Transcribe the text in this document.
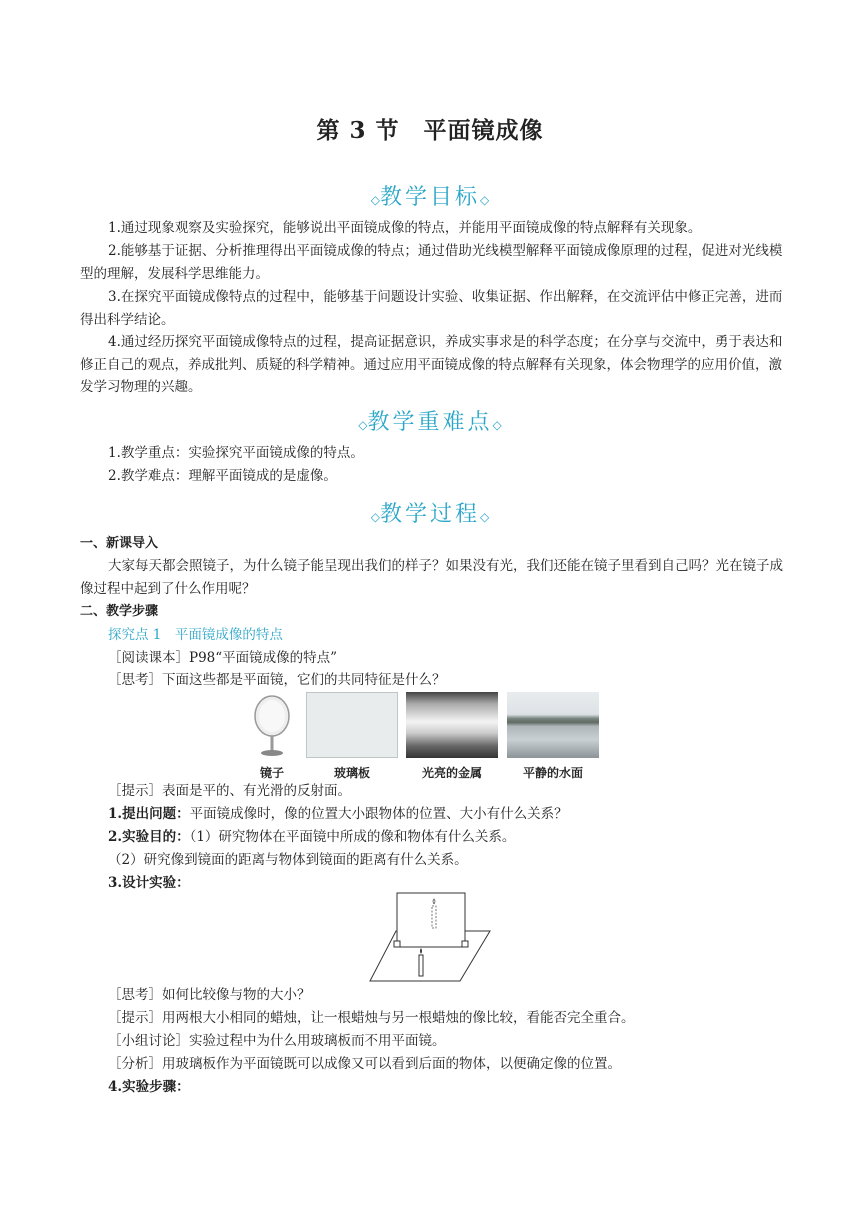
第 3 节　平面镜成像
◇教学目标◇
1.通过现象观察及实验探究，能够说出平面镜成像的特点，并能用平面镜成像的特点解释有关现象。
2.能够基于证据、分析推理得出平面镜成像的特点；通过借助光线模型解释平面镜成像原理的过程，促进对光线模型的理解，发展科学思维能力。
3.在探究平面镜成像特点的过程中，能够基于问题设计实验、收集证据、作出解释，在交流评估中修正完善，进而得出科学结论。
4.通过经历探究平面镜成像特点的过程，提高证据意识，养成实事求是的科学态度；在分享与交流中，勇于表达和修正自己的观点，养成批判、质疑的科学精神。通过应用平面镜成像的特点解释有关现象，体会物理学的应用价值，激发学习物理的兴趣。
◇教学重难点◇
1.教学重点：实验探究平面镜成像的特点。
2.教学难点：理解平面镜成的是虚像。
◇教学过程◇
一、新课导入
大家每天都会照镜子，为什么镜子能呈现出我们的样子？如果没有光，我们还能在镜子里看到自己吗？光在镜子成像过程中起到了什么作用呢？
二、教学步骤
探究点 1　平面镜成像的特点
［阅读课本］P98“平面镜成像的特点”
［思考］下面这些都是平面镜，它们的共同特征是什么？
镜子	玻璃板	光亮的金属	平静的水面
［提示］表面是平的、有光滑的反射面。
1.提出问题：平面镜成像时，像的位置大小跟物体的位置、大小有什么关系？
2.实验目的：（1）研究物体在平面镜中所成的像和物体有什么关系。
（2）研究像到镜面的距离与物体到镜面的距离有什么关系。
3.设计实验：
［思考］如何比较像与物的大小？
［提示］用两根大小相同的蜡烛，让一根蜡烛与另一根蜡烛的像比较，看能否完全重合。
［小组讨论］实验过程中为什么用玻璃板而不用平面镜。
［分析］用玻璃板作为平面镜既可以成像又可以看到后面的物体，以便确定像的位置。
4.实验步骤：
